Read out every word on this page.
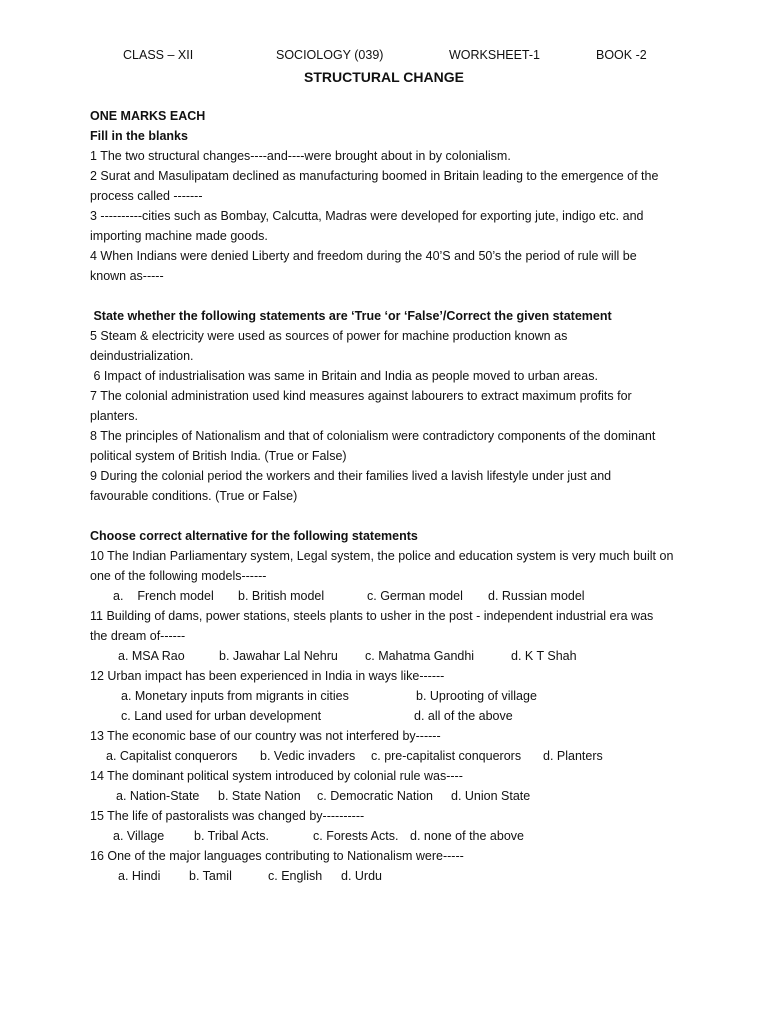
CLASS – XII	SOCIOLOGY (039)	WORKSHEET-1	BOOK -2
STRUCTURAL CHANGE
ONE MARKS EACH
Fill in the blanks
1 The two structural changes----and----were brought about in by colonialism.
2 Surat and Masulipatam declined as manufacturing boomed in Britain leading to the emergence of the
process called -------
3 ----------cities such as Bombay, Calcutta, Madras were developed for exporting jute, indigo etc. and
importing machine made goods.
4 When Indians were denied Liberty and freedom during the 40’S and 50’s the period of rule will be
known as-----
State whether the following statements are ‘True ‘or ‘False’/Correct the given statement
5 Steam & electricity were used as sources of power for machine production known as
deindustrialization.
6 Impact of industrialisation was same in Britain and India as people moved to urban areas.
7 The colonial administration used kind measures against labourers to extract maximum profits for
planters.
8 The principles of Nationalism and that of colonialism were contradictory components of the dominant
political system of British India. (True or False)
9 During the colonial period the workers and their families lived a lavish lifestyle under just and
favourable conditions. (True or False)
Choose correct alternative for the following statements
10 The Indian Parliamentary system, Legal system, the police and education system is very much built on
one of the following models------
a.    French model b. British model	c. German model d. Russian model
11 Building of dams, power stations, steels plants to usher in the post - independent industrial era was
the dream of------
a. MSA Rao	b. Jawahar Lal Nehru c. Mahatma Gandhi	d. K T Shah
12 Urban impact has been experienced in India in ways like------
a. Monetary inputs from migrants in cities	b. Uprooting of village
c. Land used for urban development	d. all of the above
13 The economic base of our country was not interfered by------
a. Capitalist conquerors b. Vedic invaders c. pre-capitalist conquerors d. Planters
14 The dominant political system introduced by colonial rule was----
a. Nation-State b. State Nation c. Democratic Nation d. Union State
15 The life of pastoralists was changed by----------
a. Village b. Tribal Acts.	c. Forests Acts. d. none of the above
16 One of the major languages contributing to Nationalism were-----
a. Hindi b. Tamil	c. English d. Urdu
